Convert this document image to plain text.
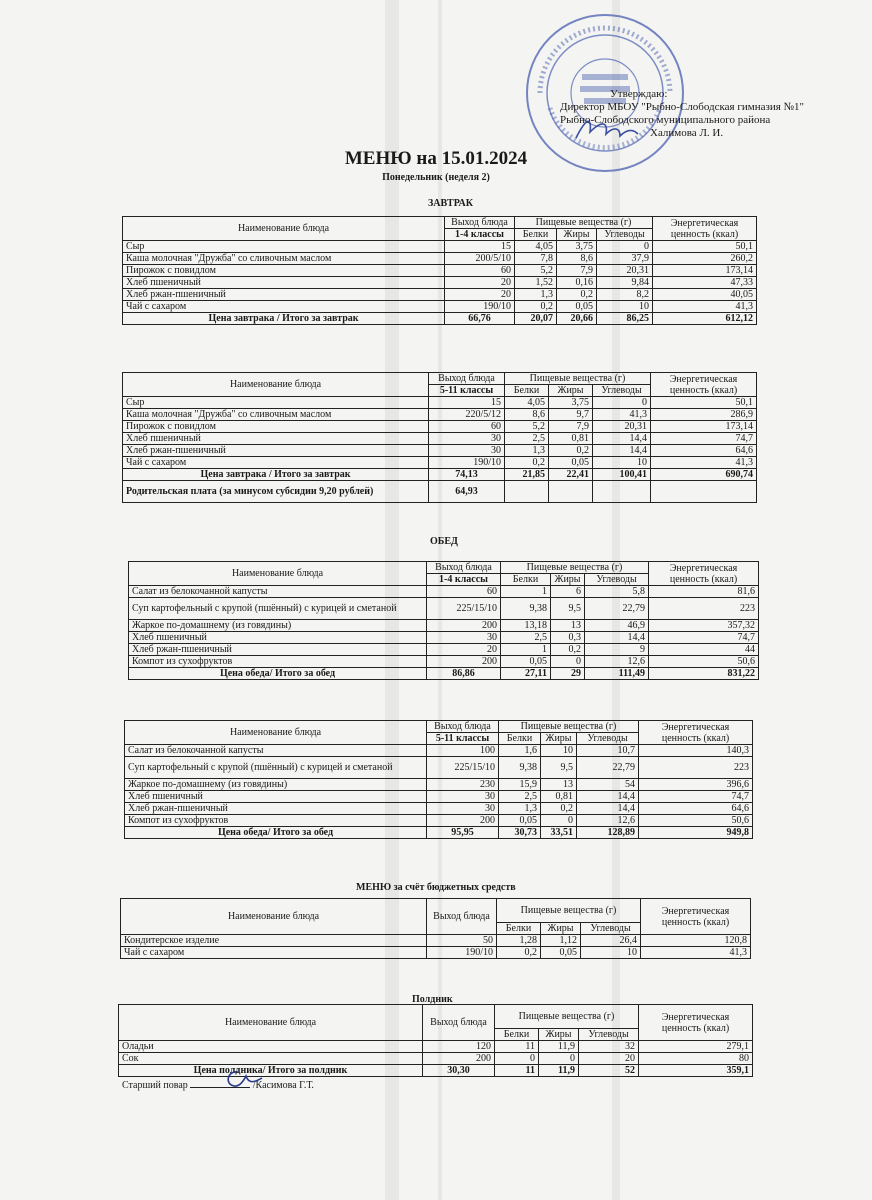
Утверждаю:
Директор МБОУ "Рыбно-Слободская гимназия №1"
Рыбно-Слободского муниципального района
Халимова Л. И.
МЕНЮ на 15.01.2024
Понедельник (неделя 2)
ЗАВТРАК
Наименование блюда	Выход блюда	Пищевые вещества (г)			Энергетическая ценность (ккал)
	1-4 классы	Белки	Жиры	Углеводы	
Сыр	15	4,05	3,75	0	50,1
Каша молочная "Дружба" со сливочным маслом	200/5/10	7,8	8,6	37,9	260,2
Пирожок с повидлом	60	5,2	7,9	20,31	173,14
Хлеб пшеничный	20	1,52	0,16	9,84	47,33
Хлеб ржан-пшеничный	20	1,3	0,2	8,2	40,05
Чай с сахаром	190/10	0,2	0,05	10	41,3
Цена завтрака / Итого за завтрак	66,76	20,07	20,66	86,25	612,12
Наименование блюда	Выход блюда	Пищевые вещества (г)			Энергетическая ценность (ккал)
	5-11 классы	Белки	Жиры	Углеводы	
Сыр	15	4,05	3,75	0	50,1
Каша молочная "Дружба" со сливочным маслом	220/5/12	8,6	9,7	41,3	286,9
Пирожок с повидлом	60	5,2	7,9	20,31	173,14
Хлеб пшеничный	30	2,5	0,81	14,4	74,7
Хлеб ржан-пшеничный	30	1,3	0,2	14,4	64,6
Чай с сахаром	190/10	0,2	0,05	10	41,3
Цена завтрака / Итого за завтрак	74,13	21,85	22,41	100,41	690,74
Родительская плата (за минусом субсидии 9,20 рублей)	64,93				
ОБЕД
Наименование блюда	Выход блюда	Пищевые вещества (г)			Энергетическая ценность (ккал)
	1-4 классы	Белки	Жиры	Углеводы	
Салат из белокочанной капусты	60	1	6	5,8	81,6
Суп картофельный с крупой (пшённый) с курицей и сметаной	225/15/10	9,38	9,5	22,79	223
Жаркое по-домашнему (из говядины)	200	13,18	13	46,9	357,32
Хлеб пшеничный	30	2,5	0,3	14,4	74,7
Хлеб ржан-пшеничный	20	1	0,2	9	44
Компот из сухофруктов	200	0,05	0	12,6	50,6
Цена обеда/ Итого за обед	86,86	27,11	29	111,49	831,22
Наименование блюда	Выход блюда	Пищевые вещества (г)			Энергетическая ценность (ккал)
	5-11 классы	Белки	Жиры	Углеводы	
Салат из белокочанной капусты	100	1,6	10	10,7	140,3
Суп картофельный с крупой (пшённый) с курицей и сметаной	225/15/10	9,38	9,5	22,79	223
Жаркое по-домашнему (из говядины)	230	15,9	13	54	396,6
Хлеб пшеничный	30	2,5	0,81	14,4	74,7
Хлеб ржан-пшеничный	30	1,3	0,2	14,4	64,6
Компот из сухофруктов	200	0,05	0	12,6	50,6
Цена обеда/ Итого за обед	95,95	30,73	33,51	128,89	949,8
МЕНЮ за счёт бюджетных средств
Наименование блюда	Выход блюда	Пищевые вещества (г)			Энергетическая ценность (ккал)
		Белки	Жиры	Углеводы	
Кондитерское изделие	50	1,28	1,12	26,4	120,8
Чай с сахаром	190/10	0,2	0,05	10	41,3
Полдник
Наименование блюда	Выход блюда	Пищевые вещества (г)			Энергетическая ценность (ккал)
		Белки	Жиры	Углеводы	
Оладьи	120	11	11,9	32	279,1
Сок	200	0	0	20	80
Цена полдника/ Итого за полдник	30,30	11	11,9	52	359,1
Старший повар	/Касимова Г.Т.
